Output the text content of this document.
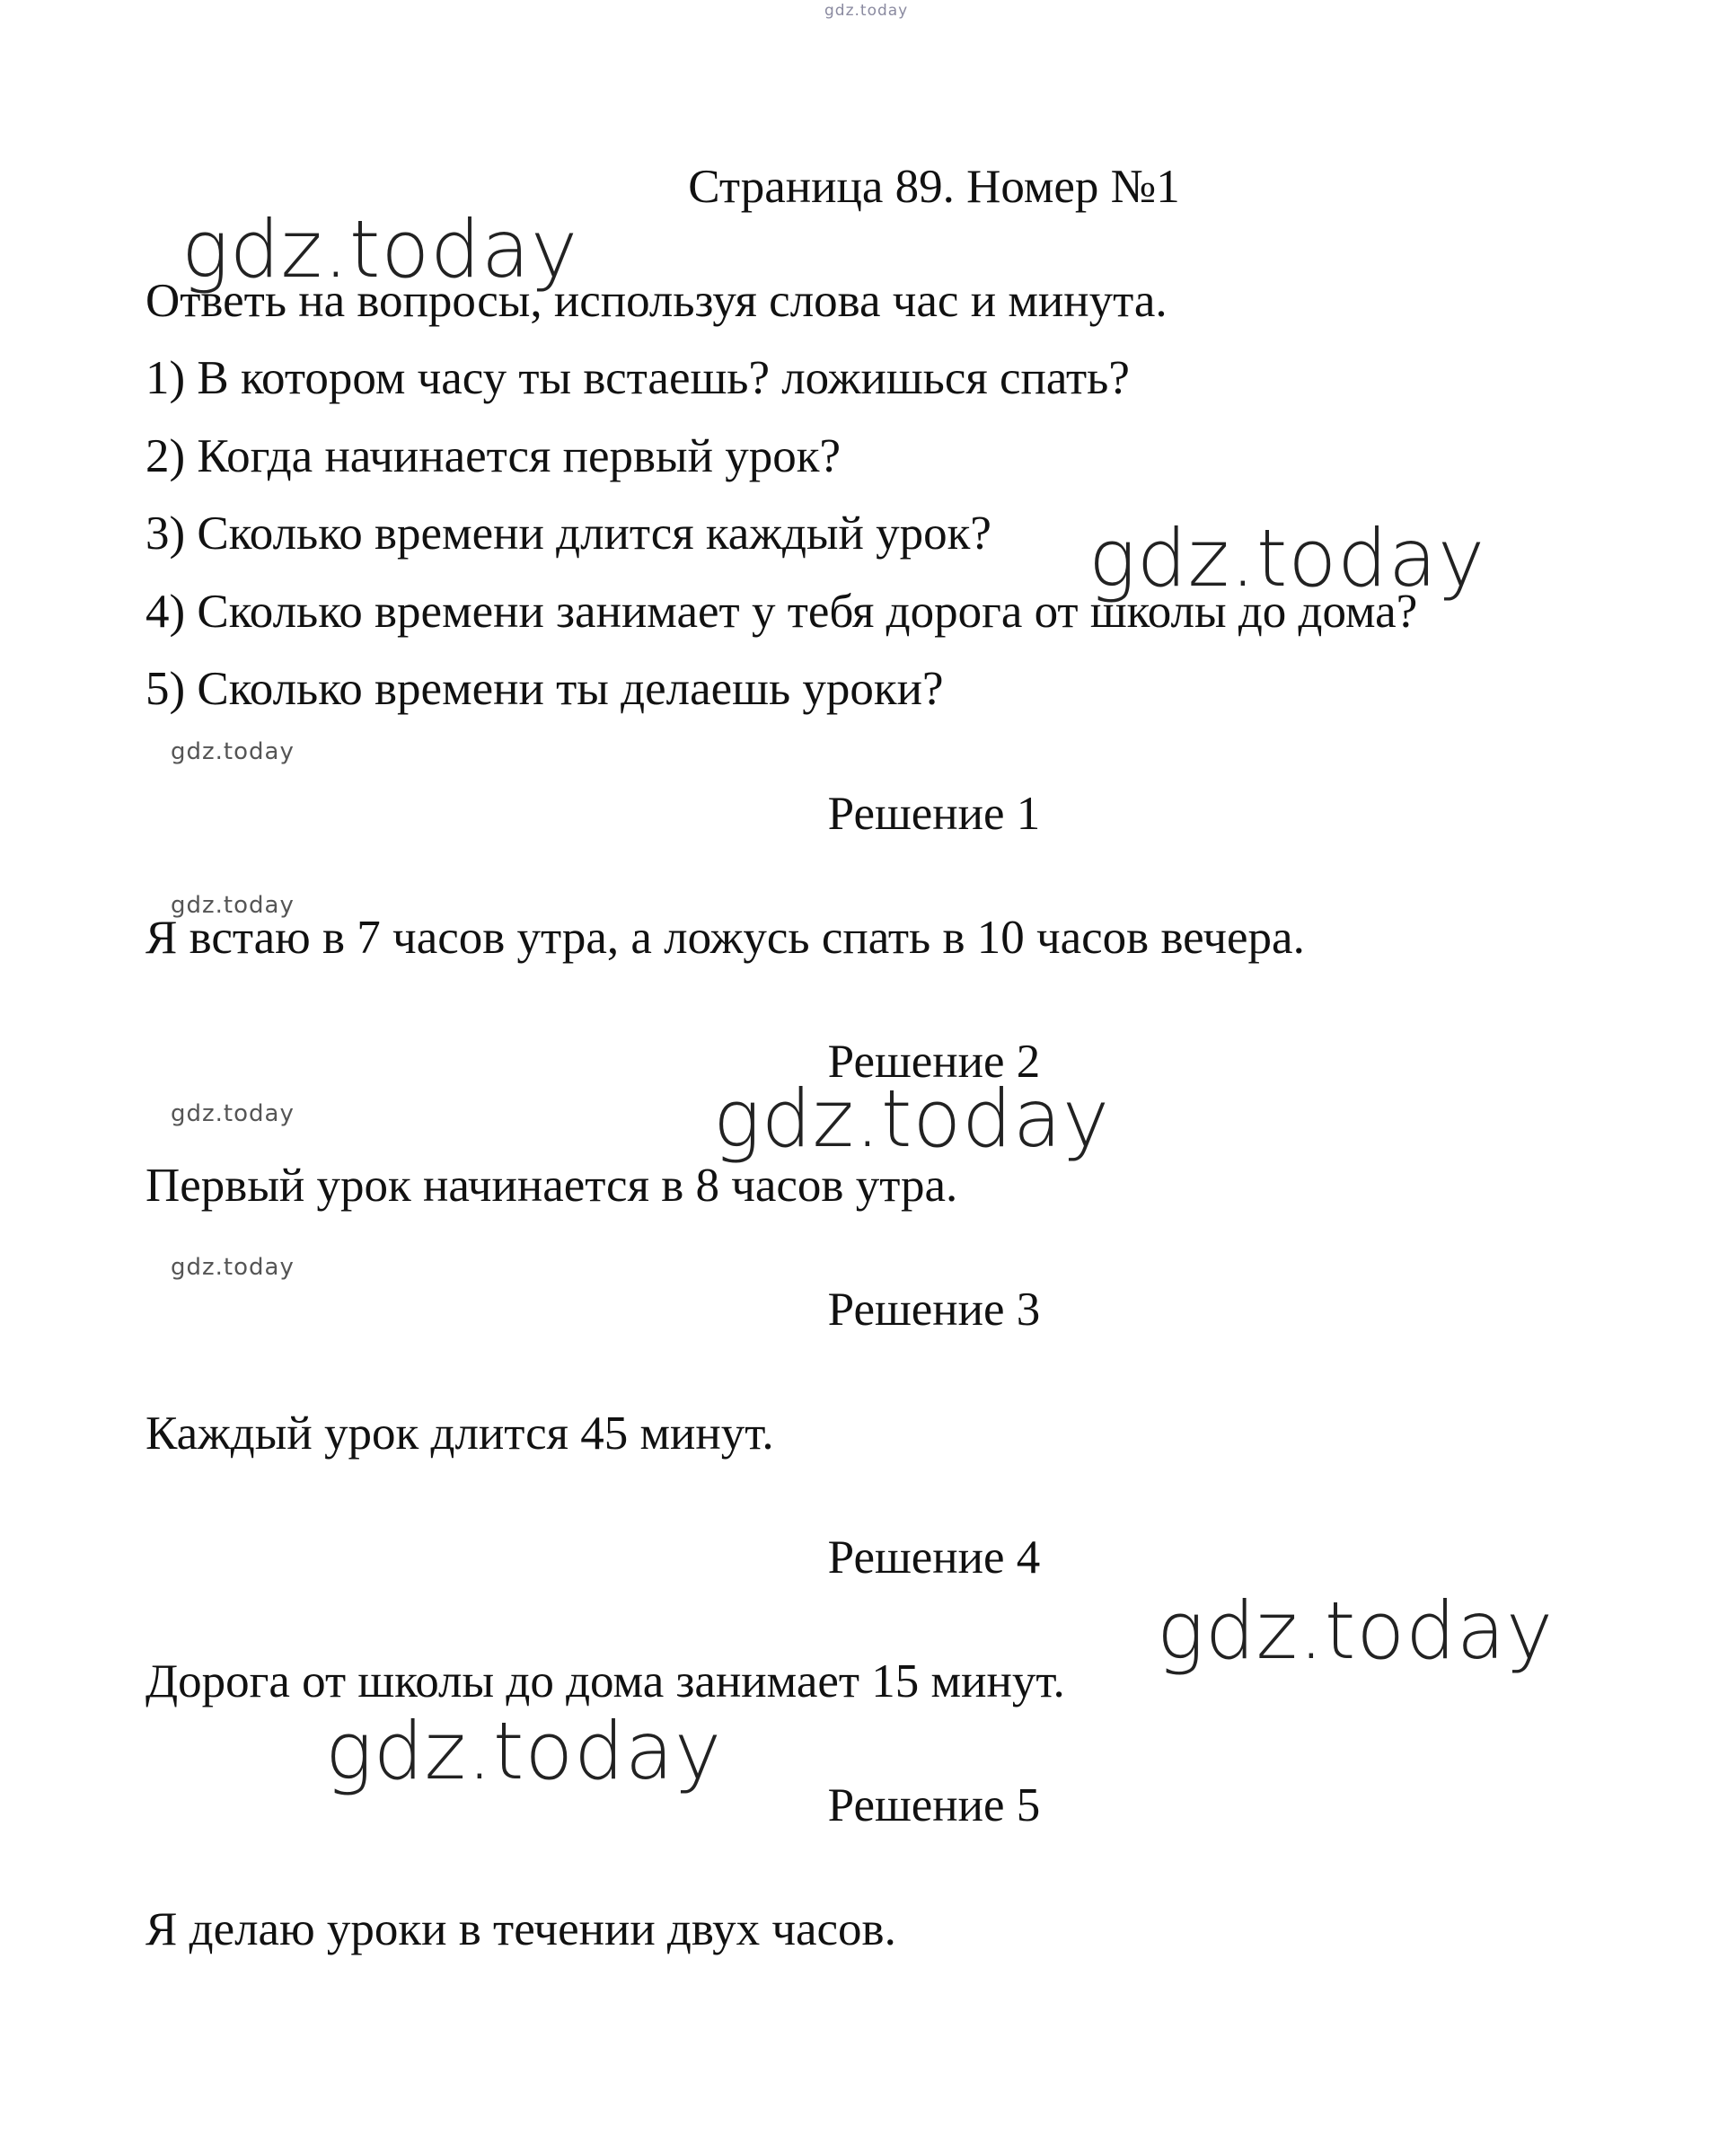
gdz.today
Страница 89. Номер №1
gdz.today
Ответь на вопросы, используя слова час и минута.
1) В котором часу ты встаешь? ложишься спать?
2) Когда начинается первый урок?
3) Сколько времени длится каждый урок?
4) Сколько времени занимает у тебя дорога от школы до дома?
5) Сколько времени ты делаешь уроки?
gdz.today
gdz.today
Решение 1
gdz.today
Я встаю в 7 часов утра, а ложусь спать в 10 часов вечера.
Решение 2
gdz.today	gdz.today
Первый урок начинается в 8 часов утра.
gdz.today
Решение 3
Каждый урок длится 45 минут.
Решение 4
gdz.today
Дорога от школы до дома занимает 15 минут.
gdz.today
Решение 5
Я делаю уроки в течении двух часов.
